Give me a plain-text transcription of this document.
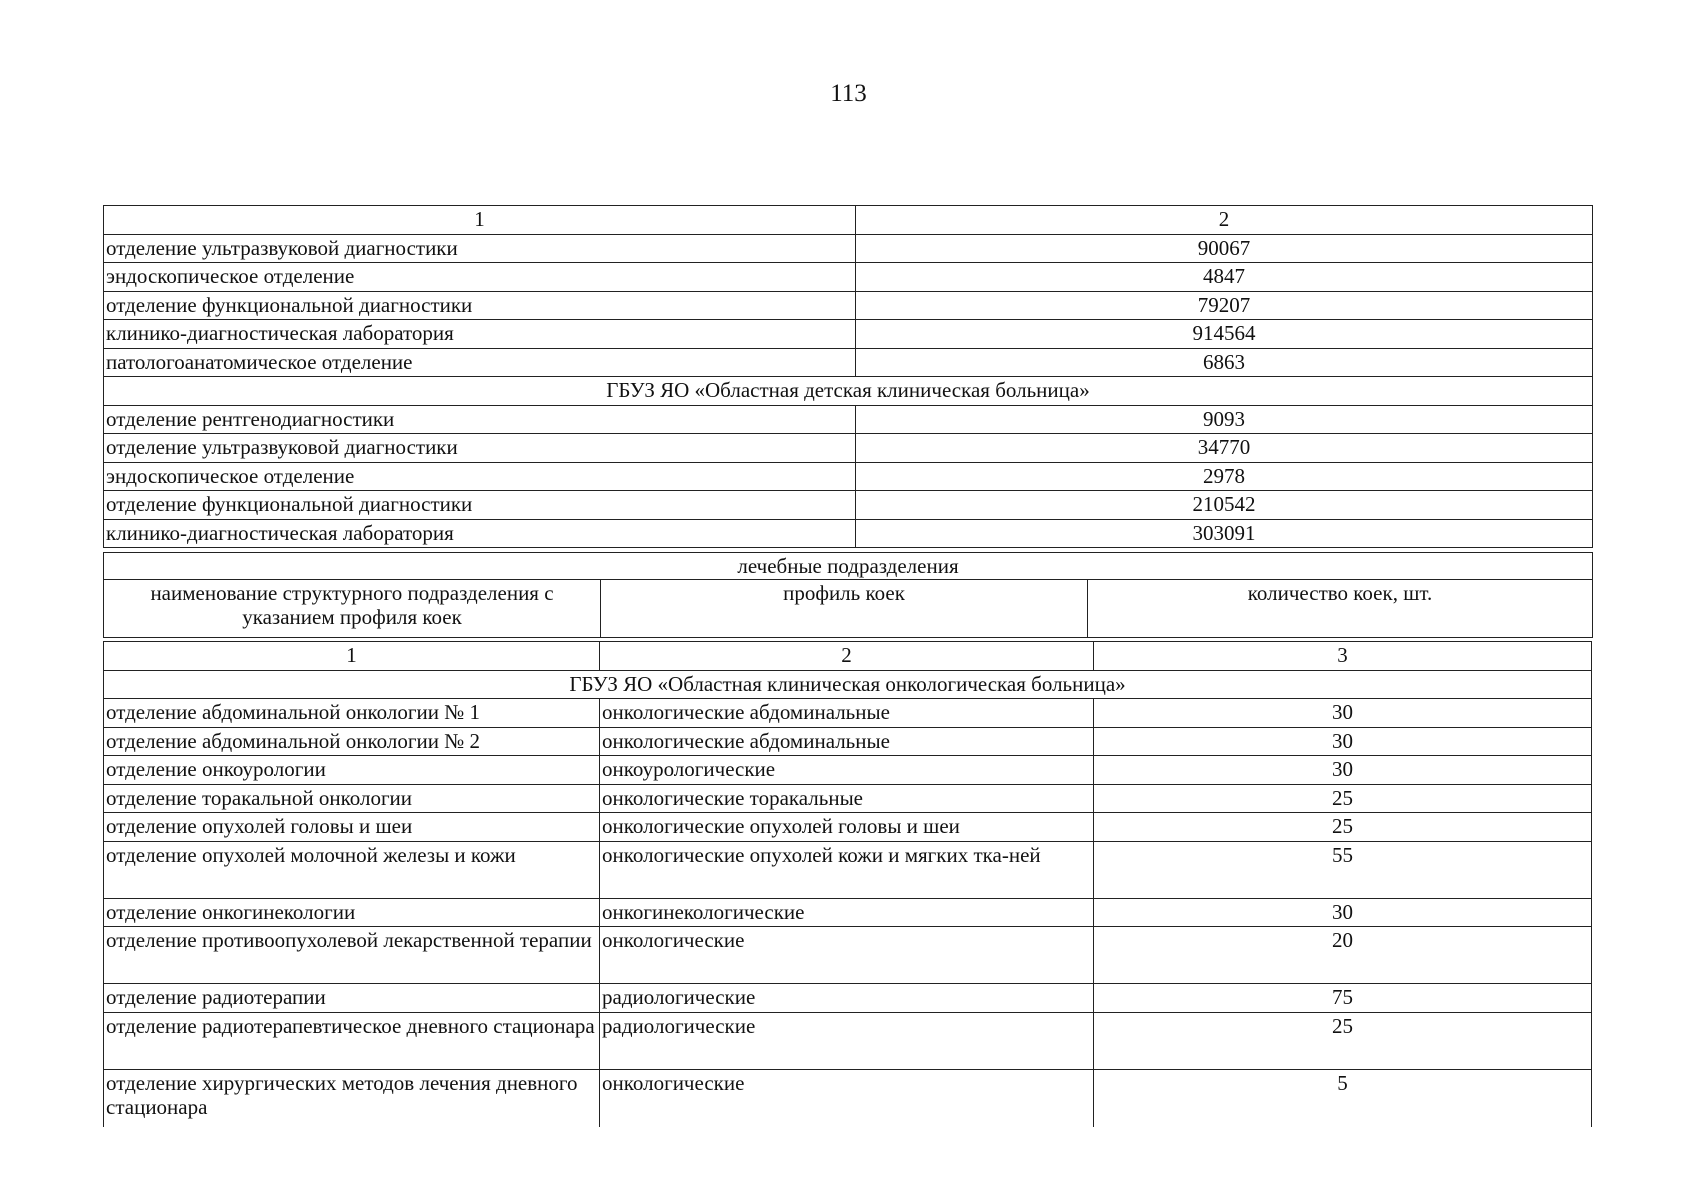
113
1	2
отделение ультразвуковой диагностики	90067
эндоскопическое отделение	4847
отделение функциональной диагностики	79207
клинико-диагностическая лаборатория	914564
патологоанатомическое отделение	6863
ГБУЗ ЯО «Областная детская клиническая больница»	
отделение рентгенодиагностики	9093
отделение ультразвуковой диагностики	34770
эндоскопическое отделение	2978
отделение функциональной диагностики	210542
клинико-диагностическая лаборатория	303091
лечебные подразделения
наименование структурного подразделения с указанием профиля коек	профиль коек	количество коек, шт.
1	2	3
ГБУЗ ЯО «Областная клиническая онкологическая больница»		
отделение абдоминальной онкологии № 1	онкологические абдоминальные	30
отделение абдоминальной онкологии № 2	онкологические абдоминальные	30
отделение онкоурологии	онкоурологические	30
отделение торакальной онкологии	онкологические торакальные	25
отделение опухолей головы и шеи	онкологические опухолей головы и шеи	25
отделение опухолей молочной железы и кожи	онкологические опухолей кожи и мягких тка-ней	55
отделение онкогинекологии	онкогинекологические	30
отделение противоопухолевой лекарственной терапии	онкологические	20
отделение радиотерапии	радиологические	75
отделение радиотерапевтическое дневного стационара	радиологические	25
отделение хирургических методов лечения дневного стационара	онкологические	5
